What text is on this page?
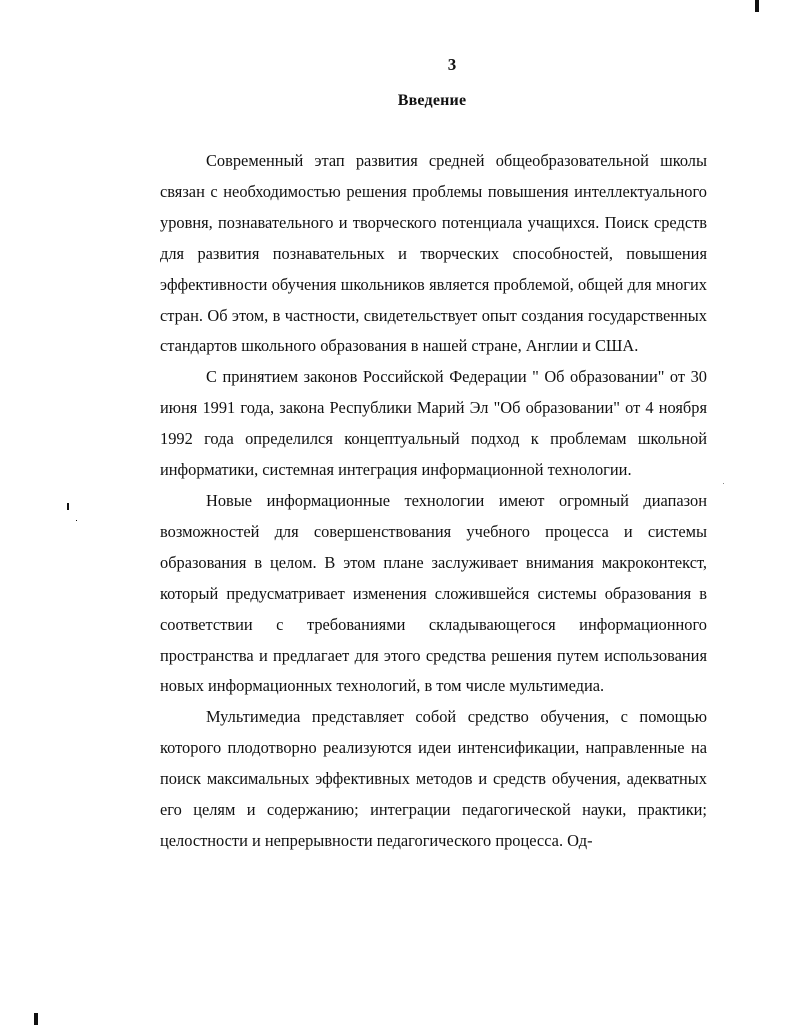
3
Введение

Современный этап развития средней общеобразовательной школы связан с необходимостью решения проблемы повышения интеллектуального уровня, познавательного и творческого потенциала учащихся. Поиск средств для развития познавательных и творческих способностей, повышения эффективности обучения школьников является проблемой, общей для многих стран. Об этом, в частности, свидетельствует опыт создания государственных стандартов школьного образования в нашей стране, Англии и США.

С принятием законов Российской Федерации " Об образовании" от 30 июня 1991 года, закона Республики Марий Эл "Об образовании" от 4 ноября 1992 года определился концептуальный подход к проблемам школьной информатики, системная интеграция информационной технологии.

Новые информационные технологии имеют огромный диапазон возможностей для совершенствования учебного процесса и системы образования в целом. В этом плане заслуживает внимания макроконтекст, который предусматривает изменения сложившейся системы образования в соответствии с требованиями складывающегося информационного пространства и предлагает для этого средства решения путем использования новых информационных технологий, в том числе мультимедиа.

Мультимедиа представляет собой средство обучения, с помощью которого плодотворно реализуются идеи интенсификации, направленные на поиск максимальных эффективных методов и средств обучения, адекватных его целям и содержанию; интеграции педагогической науки, практики; целостности и непрерывности педагогического процесса. Од-
